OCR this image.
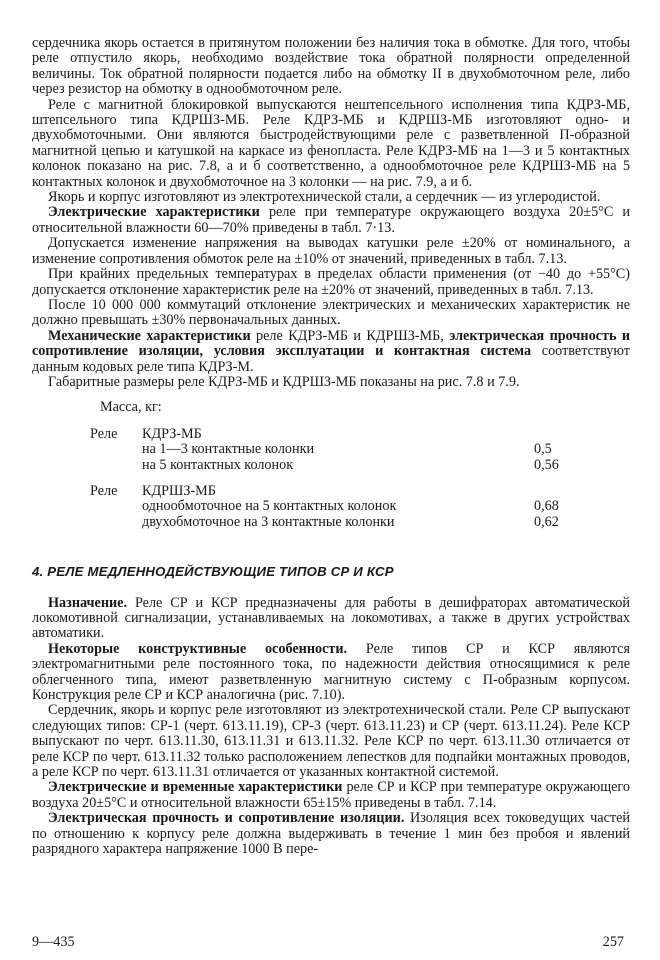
сердечника якорь остается в притянутом положении без наличия тока в обмотке. Для того, чтобы реле отпустило якорь, необходимо воздействие тока обратной полярности определенной величины. Ток обратной полярности подается либо на обмотку II в двухобмоточном реле, либо через резистор на обмотку в однообмоточном реле.

Реле с магнитной блокировкой выпускаются нештепсельного исполнения типа КДРЗ-МБ, штепсельного типа КДРШЗ-МБ. Реле КДРЗ-МБ и КДРШЗ-МБ изготовляют одно- и двухобмоточными. Они являются быстродействующими реле с разветвленной П-образной магнитной цепью и катушкой на каркасе из фенопласта. Реле КДРЗ-МБ на 1—3 и 5 контактных колонок показано на рис. 7.8, а и б соответственно, а однообмоточное реле КДРШЗ-МБ на 5 контактных колонок и двухобмоточное на 3 колонки — на рис. 7.9, а и б.

Якорь и корпус изготовляют из электротехнической стали, а сердечник — из углеродистой.

Электрические характеристики реле при температуре окружающего воздуха 20±5°С и относительной влажности 60—70% приведены в табл. 7·13.

Допускается изменение напряжения на выводах катушки реле ±20% от номинального, а изменение сопротивления обмоток реле на ±10% от значений, приведенных в табл. 7.13.

При крайних предельных температурах в пределах области применения (от −40 до +55°С) допускается отклонение характеристик реле на ±20% от значений, приведенных в табл. 7.13.

После 10 000 000 коммутаций отклонение электрических и механических характеристик не должно превышать ±30% первоначальных данных.

Механические характеристики реле КДРЗ-МБ и КДРШЗ-МБ, электрическая прочность и сопротивление изоляции, условия эксплуатации и контактная система соответствуют данным кодовых реле типа КДРЗ-М.

Габаритные размеры реле КДРЗ-МБ и КДРШЗ-МБ показаны на рис. 7.8 и 7.9.

Масса, кг:
Реле КДРЗ-МБ
на 1—3 контактные колонки	0,5
на 5 контактных колонок	0,56
Реле КДРШЗ-МБ
однообмоточное на 5 контактных колонок	0,68
двухобмоточное на 3 контактные колонки	0,62
4. РЕЛЕ МЕДЛЕННОДЕЙСТВУЮЩИЕ ТИПОВ СР И КСР

Назначение. Реле СР и КСР предназначены для работы в дешифраторах автоматической локомотивной сигнализации, устанавливаемых на локомотивах, а также в других устройствах автоматики.

Некоторые конструктивные особенности. Реле типов СР и КСР являются электромагнитными реле постоянного тока, по надежности действия относящимися к реле облегченного типа, имеют разветвленную магнитную систему с П-образным корпусом. Конструкция реле СР и КСР аналогична (рис. 7.10).

Сердечник, якорь и корпус реле изготовляют из электротехнической стали. Реле СР выпускают следующих типов: СР-1 (черт. 613.11.19), СР-3 (черт. 613.11.23) и СР (черт. 613.11.24). Реле КСР выпускают по черт. 613.11.30, 613.11.31 и 613.11.32. Реле КСР по черт. 613.11.30 отличается от реле КСР по черт. 613.11.32 только расположением лепестков для подпайки монтажных проводов, а реле КСР по черт. 613.11.31 отличается от указанных контактной системой.

Электрические и временные характеристики реле СР и КСР при температуре окружающего воздуха 20±5°С и относительной влажности 65±15% приведены в табл. 7.14.

Электрическая прочность и сопротивление изоляции. Изоляция всех токоведущих частей по отношению к корпусу реле должна выдерживать в течение 1 мин без пробоя и явлений разрядного характера напряжение 1000 В пере-

9—435	257
